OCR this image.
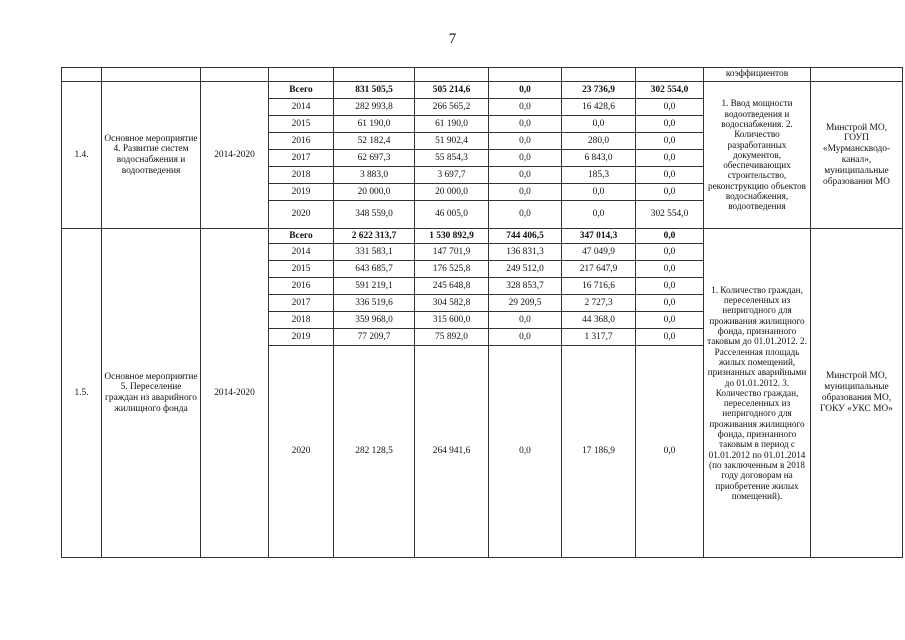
7
									коэффициентов	
1.4.	Основное мероприятие 4. Развитие систем водоснабжения и водоотведения	2014-2020	Всего	831 505,5	505 214,6	0,0	23 736,9	302 554,0	1. Ввод мощности водоотведения и водоснабжения. 2. Количество разработанных документов, обеспечивающих строительство, реконструкцию объектов водоснабжения, водоотведения	Минстрой МО, ГОУП «Мурманскводо-канал», муниципальные образования МО
			2014	282 993,8	266 565,2	0,0	16 428,6	0,0		
			2015	61 190,0	61 190,0	0,0	0,0	0,0		
			2016	52 182,4	51 902,4	0,0	280,0	0,0		
			2017	62 697,3	55 854,3	0,0	6 843,0	0,0		
			2018	3 883,0	3 697,7	0,0	185,3	0,0		
			2019	20 000,0	20 000,0	0,0	0,0	0,0		
			2020	348 559,0	46 005,0	0,0	0,0	302 554,0		
1.5.	Основное мероприятие 5. Переселение граждан из аварийного жилищного фонда	2014-2020	Всего	2 622 313,7	1 530 892,9	744 406,5	347 014,3	0,0	1. Количество граждан, переселенных из непригодного для проживания жилищного фонда, признанного таковым до 01.01.2012. 2. Расселенная площадь жилых помещений, признанных аварийными до 01.01.2012. 3. Количество граждан, переселенных из непригодного для проживания жилищного фонда, признанного таковым в период с 01.01.2012 по 01.01.2014 (по заключенным в 2018 году договорам на приобретение жилых помещений).	Минстрой МО, муниципальные образования МО, ГОКУ «УКС МО»
			2014	331 583,1	147 701,9	136 831,3	47 049,9	0,0		
			2015	643 685,7	176 525,8	249 512,0	217 647,9	0,0		
			2016	591 219,1	245 648,8	328 853,7	16 716,6	0,0		
			2017	336 519,6	304 582,8	29 209,5	2 727,3	0,0		
			2018	359 968,0	315 600,0	0,0	44 368,0	0,0		
			2019	77 209,7	75 892,0	0,0	1 317,7	0,0		
			2020	282 128,5	264 941,6	0,0	17 186,9	0,0		
